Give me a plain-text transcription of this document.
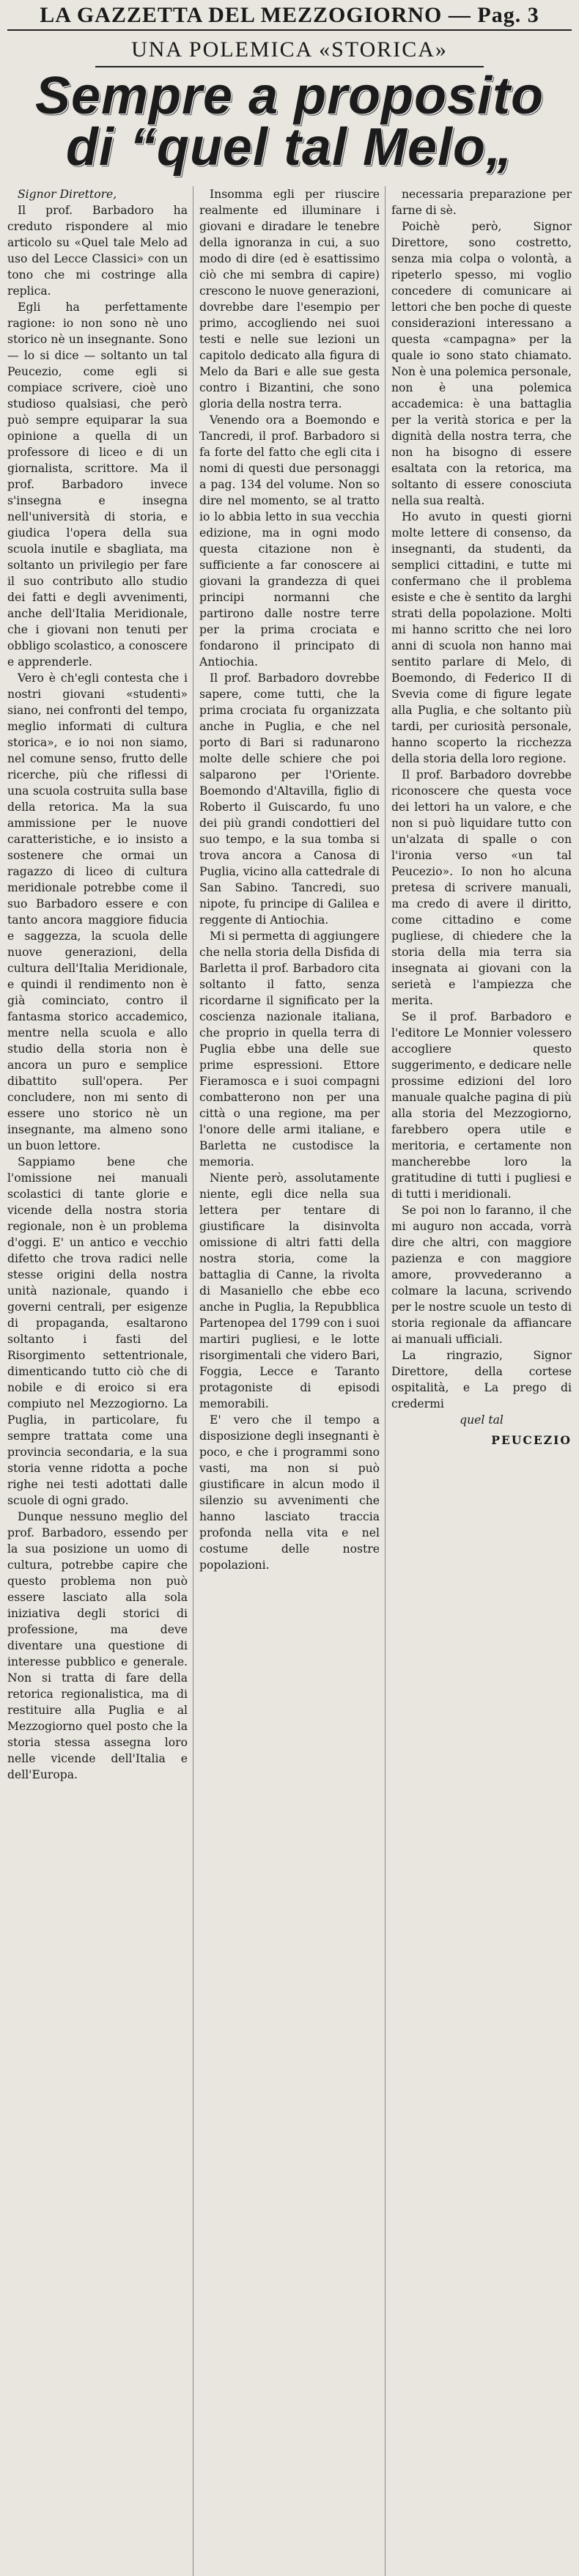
LA GAZZETTA DEL MEZZOGIORNO — Pag. 3
UNA POLEMICA «STORICA»
Sempre a proposito
di “quel tal Melo„

Signor Direttore,

Il prof. Barbadoro ha creduto rispondere al mio articolo su «Quel tale Melo ad uso del Lecce Classici» con un tono che mi costringe alla replica.

Egli ha perfettamente ragione: io non sono nè uno storico nè un insegnante. Sono — lo si dice — soltanto un tal Peucezio, come egli si compiace scrivere, cioè uno studioso qualsiasi, che però può sempre equiparar la sua opinione a quella di un professore di liceo e di un giornalista, scrittore. Ma il prof. Barbadoro invece s'insegna e insegna nell'università di storia, e giudica l'opera della sua scuola inutile e sbagliata, ma soltanto un privilegio per fare il suo contributo allo studio dei fatti e degli avvenimenti, anche dell'Italia Meridionale, che i giovani non tenuti per obbligo scolastico, a conoscere e apprenderle.

Vero è ch'egli contesta che i nostri giovani «studenti» siano, nei confronti del tempo, meglio informati di cultura storica», e io noi non siamo, nel comune senso, frutto delle ricerche, più che riflessi di una scuola costruita sulla base della retorica. Ma la sua ammissione per le nuove caratteristiche, e io insisto a sostenere che ormai un ragazzo di liceo di cultura meridionale potrebbe come il suo Barbadoro essere e con tanto ancora maggiore fiducia e saggezza, la scuola delle nuove generazioni, della cultura dell'Italia Meridionale, e quindi il rendimento non è già cominciato, contro il fantasma storico accademico, mentre nella scuola e allo studio della storia non è ancora un puro e semplice dibattito sull'opera. Per concludere, non mi sento di essere uno storico nè un insegnante, ma almeno sono un buon lettore.

Sappiamo bene che l'omissione nei manuali scolastici di tante glorie e vicende della nostra storia regionale, non è un problema d'oggi. E' un antico e vecchio difetto che trova radici nelle stesse origini della nostra unità nazionale, quando i governi centrali, per esigenze di propaganda, esaltarono soltanto i fasti del Risorgimento settentrionale, dimenticando tutto ciò che di nobile e di eroico si era compiuto nel Mezzogiorno. La Puglia, in particolare, fu sempre trattata come una provincia secondaria, e la sua storia venne ridotta a poche righe nei testi adottati dalle scuole di ogni grado.

Dunque nessuno meglio del prof. Barbadoro, essendo per la sua posizione un uomo di cultura, potrebbe capire che questo problema non può essere lasciato alla sola iniziativa degli storici di professione, ma deve diventare una questione di interesse pubblico e generale. Non si tratta di fare della retorica regionalistica, ma di restituire alla Puglia e al Mezzogiorno quel posto che la storia stessa assegna loro nelle vicende dell'Italia e dell'Europa.

Insomma egli per riuscire realmente ed illuminare i giovani e diradare le tenebre della ignoranza in cui, a suo modo di dire (ed è esattissimo ciò che mi sembra di capire) crescono le nuove generazioni, dovrebbe dare l'esempio per primo, accogliendo nei suoi testi e nelle sue lezioni un capitolo dedicato alla figura di Melo da Bari e alle sue gesta contro i Bizantini, che sono gloria della nostra terra.

Venendo ora a Boemondo e Tancredi, il prof. Barbadoro si fa forte del fatto che egli cita i nomi di questi due personaggi a pag. 134 del volume. Non so dire nel momento, se al tratto io lo abbia letto in sua vecchia edizione, ma in ogni modo questa citazione non è sufficiente a far conoscere ai giovani la grandezza di quei principi normanni che partirono dalle nostre terre per la prima crociata e fondarono il principato di Antiochia.

Il prof. Barbadoro dovrebbe sapere, come tutti, che la prima crociata fu organizzata anche in Puglia, e che nel porto di Bari si radunarono molte delle schiere che poi salparono per l'Oriente. Boemondo d'Altavilla, figlio di Roberto il Guiscardo, fu uno dei più grandi condottieri del suo tempo, e la sua tomba si trova ancora a Canosa di Puglia, vicino alla cattedrale di San Sabino. Tancredi, suo nipote, fu principe di Galilea e reggente di Antiochia.

Mi si permetta di aggiungere che nella storia della Disfida di Barletta il prof. Barbadoro cita soltanto il fatto, senza ricordarne il significato per la coscienza nazionale italiana, che proprio in quella terra di Puglia ebbe una delle sue prime espressioni. Ettore Fieramosca e i suoi compagni combatterono non per una città o una regione, ma per l'onore delle armi italiane, e Barletta ne custodisce la memoria.

Niente però, assolutamente niente, egli dice nella sua lettera per tentare di giustificare la disinvolta omissione di altri fatti della nostra storia, come la battaglia di Canne, la rivolta di Masaniello che ebbe eco anche in Puglia, la Repubblica Partenopea del 1799 con i suoi martiri pugliesi, e le lotte risorgimentali che videro Bari, Foggia, Lecce e Taranto protagoniste di episodi memorabili.

E' vero che il tempo a disposizione degli insegnanti è poco, e che i programmi sono vasti, ma non si può giustificare in alcun modo il silenzio su avvenimenti che hanno lasciato traccia profonda nella vita e nel costume delle nostre popolazioni.

necessaria preparazione per farne di sè.

Poichè però, Signor Direttore, sono costretto, senza mia colpa o volontà, a ripeterlo spesso, mi voglio concedere di comunicare ai lettori che ben poche di queste considerazioni interessano a questa «campagna» per la quale io sono stato chiamato. Non è una polemica personale, non è una polemica accademica: è una battaglia per la verità storica e per la dignità della nostra terra, che non ha bisogno di essere esaltata con la retorica, ma soltanto di essere conosciuta nella sua realtà.

Ho avuto in questi giorni molte lettere di consenso, da insegnanti, da studenti, da semplici cittadini, e tutte mi confermano che il problema esiste e che è sentito da larghi strati della popolazione. Molti mi hanno scritto che nei loro anni di scuola non hanno mai sentito parlare di Melo, di Boemondo, di Federico II di Svevia come di figure legate alla Puglia, e che soltanto più tardi, per curiosità personale, hanno scoperto la ricchezza della storia della loro regione.

Il prof. Barbadoro dovrebbe riconoscere che questa voce dei lettori ha un valore, e che non si può liquidare tutto con un'alzata di spalle o con l'ironia verso «un tal Peucezio». Io non ho alcuna pretesa di scrivere manuali, ma credo di avere il diritto, come cittadino e come pugliese, di chiedere che la storia della mia terra sia insegnata ai giovani con la serietà e l'ampiezza che merita.

Se il prof. Barbadoro e l'editore Le Monnier volessero accogliere questo suggerimento, e dedicare nelle prossime edizioni del loro manuale qualche pagina di più alla storia del Mezzogiorno, farebbero opera utile e meritoria, e certamente non mancherebbe loro la gratitudine di tutti i pugliesi e di tutti i meridionali.

Se poi non lo faranno, il che mi auguro non accada, vorrà dire che altri, con maggiore pazienza e con maggiore amore, provvederanno a colmare la lacuna, scrivendo per le nostre scuole un testo di storia regionale da affiancare ai manuali ufficiali.

La ringrazio, Signor Direttore, della cortese ospitalità, e La prego di credermi

quel tal

PEUCEZIO
